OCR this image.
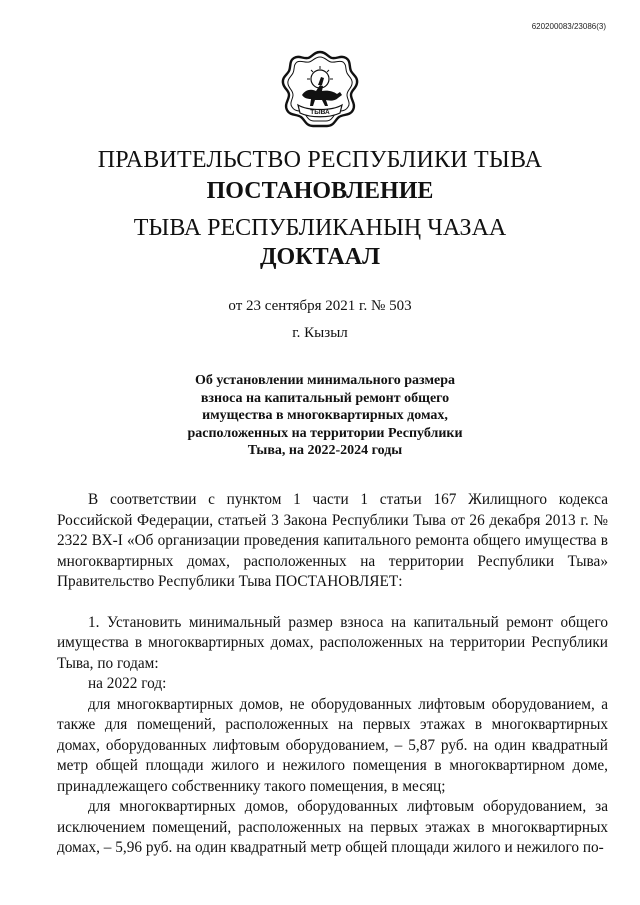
620200083/23086(3)
ТЫВА
ПРАВИТЕЛЬСТВО РЕСПУБЛИКИ ТЫВА
ПОСТАНОВЛЕНИЕ
ТЫВА РЕСПУБЛИКАНЫҢ ЧАЗАА
ДОКТААЛ
от 23 сентября 2021 г. № 503
г. Кызыл
Об установлении минимального размера
взноса на капитальный ремонт общего
имущества в многоквартирных домах,
расположенных на территории Республики
Тыва, на 2022-2024 годы

В соответствии с пунктом 1 части 1 статьи 167 Жилищного кодекса Российской Федерации, статьей 3 Закона Республики Тыва от 26 декабря 2013 г. № 2322 ВХ-I «Об организации проведения капитального ремонта общего имущества в многоквартирных домах, расположенных на территории Республики Тыва» Правительство Республики Тыва ПОСТАНОВЛЯЕТ:

1. Установить минимальный размер взноса на капитальный ремонт общего имущества в многоквартирных домах, расположенных на территории Республики Тыва, по годам:

на 2022 год:

для многоквартирных домов, не оборудованных лифтовым оборудованием, а также для помещений, расположенных на первых этажах в многоквартирных домах, оборудованных лифтовым оборудованием, – 5,87 руб. на один квадратный метр общей площади жилого и нежилого помещения в многоквартирном доме, принадлежащего собственнику такого помещения, в месяц;

для многоквартирных домов, оборудованных лифтовым оборудованием, за исключением помещений, расположенных на первых этажах в многоквартирных домах, – 5,96 руб. на один квадратный метр общей площади жилого и нежилого по-
